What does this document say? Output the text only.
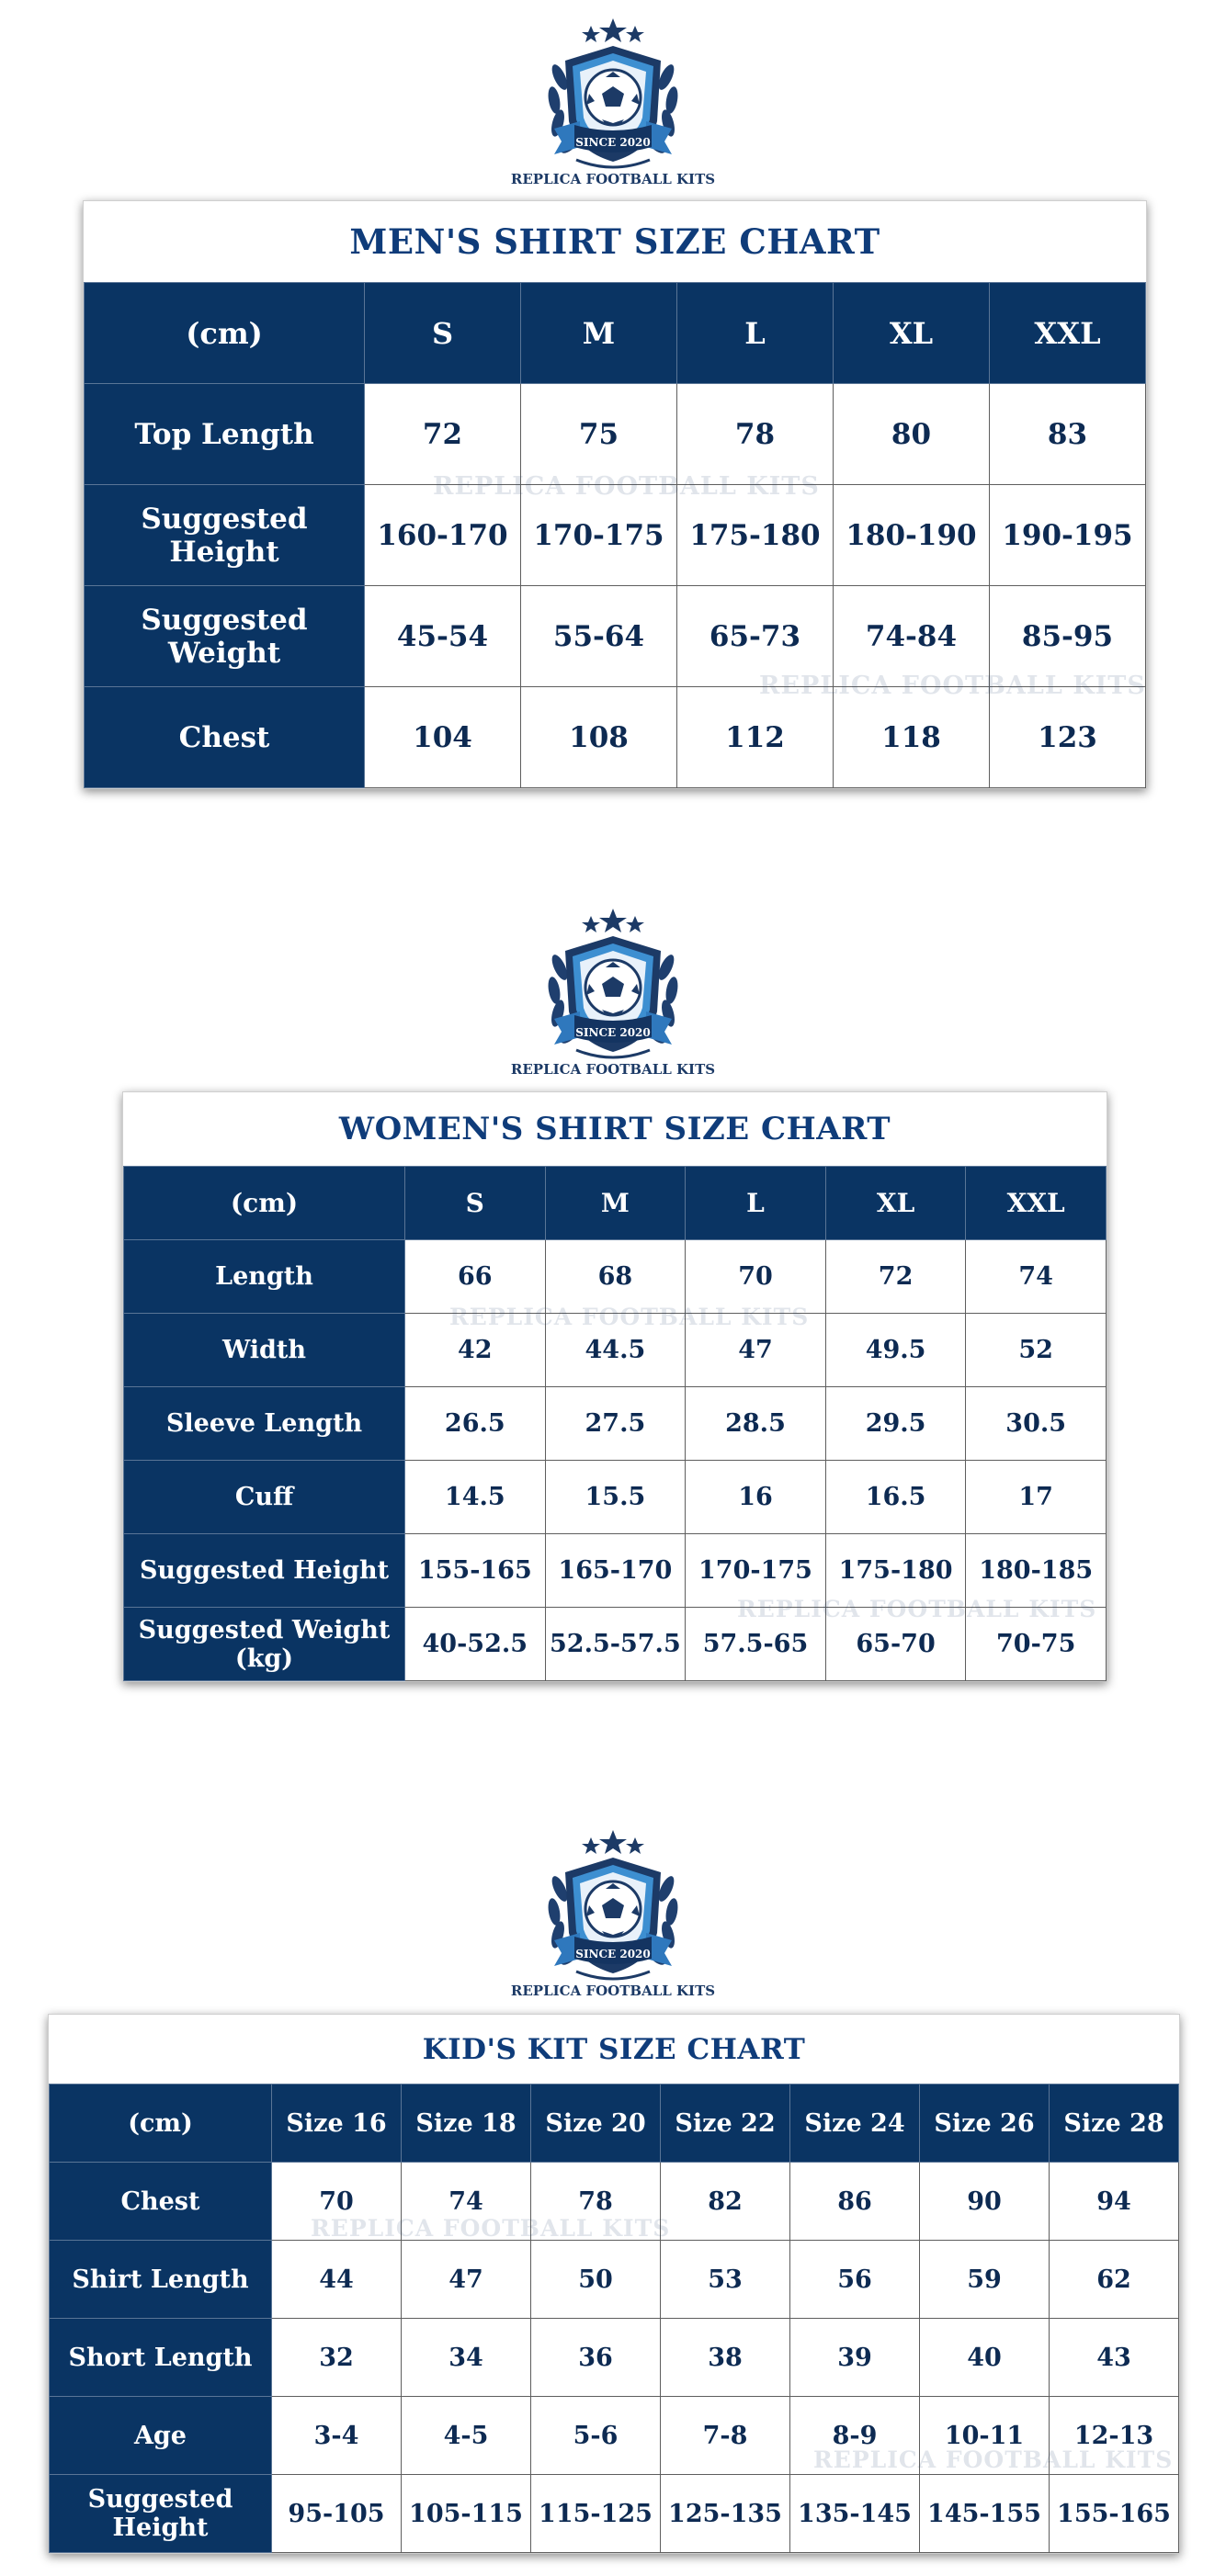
SINCE 2020
REPLICA FOOTBALL KITS
MEN'S SHIRT SIZE CHART
(cm)	S	M	L	XL	XXL
Top Length	72	75	78	80	83
Suggested Height	160-170	170-175	175-180	180-190	190-195
Suggested Weight	45-54	55-64	65-73	74-84	85-95
Chest	104	108	112	118	123
SINCE 2020
REPLICA FOOTBALL KITS
WOMEN'S SHIRT SIZE CHART
(cm)	S	M	L	XL	XXL
Length	66	68	70	72	74
Width	42	44.5	47	49.5	52
Sleeve Length	26.5	27.5	28.5	29.5	30.5
Cuff	14.5	15.5	16	16.5	17
Suggested Height	155-165	165-170	170-175	175-180	180-185
Suggested Weight (kg)	40-52.5	52.5-57.5	57.5-65	65-70	70-75
SINCE 2020
REPLICA FOOTBALL KITS
KID'S KIT SIZE CHART
(cm)	Size 16	Size 18	Size 20	Size 22	Size 24	Size 26	Size 28
Chest	70	74	78	82	86	90	94
Shirt Length	44	47	50	53	56	59	62
Short Length	32	34	36	38	39	40	43
Age	3-4	4-5	5-6	7-8	8-9	10-11	12-13
Suggested Height	95-105	105-115	115-125	125-135	135-145	145-155	155-165
